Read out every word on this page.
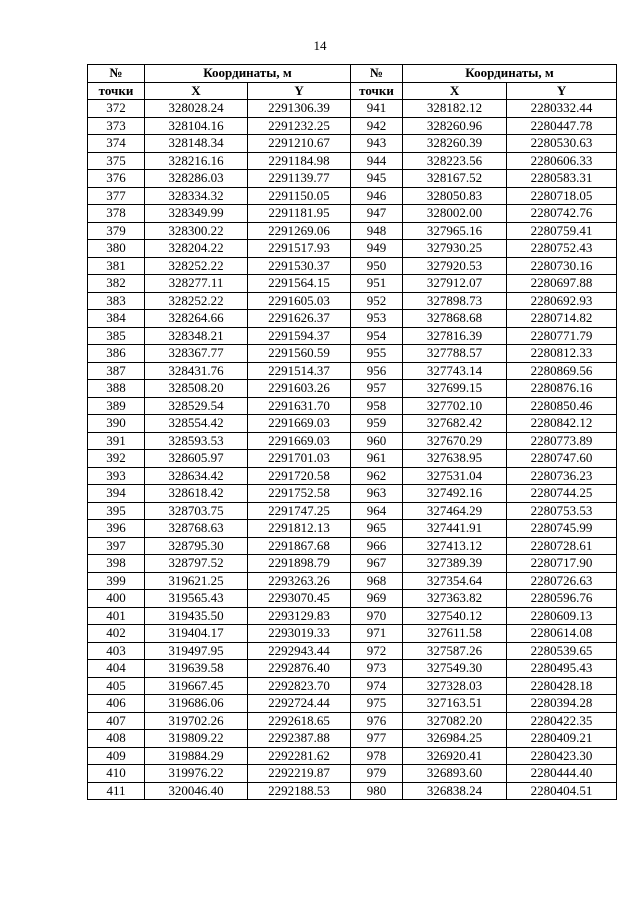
14
№	Координаты, м		№	Координаты, м	
точки	X	Y	точки	X	Y
372	328028.24	2291306.39	941	328182.12	2280332.44
373	328104.16	2291232.25	942	328260.96	2280447.78
374	328148.34	2291210.67	943	328260.39	2280530.63
375	328216.16	2291184.98	944	328223.56	2280606.33
376	328286.03	2291139.77	945	328167.52	2280583.31
377	328334.32	2291150.05	946	328050.83	2280718.05
378	328349.99	2291181.95	947	328002.00	2280742.76
379	328300.22	2291269.06	948	327965.16	2280759.41
380	328204.22	2291517.93	949	327930.25	2280752.43
381	328252.22	2291530.37	950	327920.53	2280730.16
382	328277.11	2291564.15	951	327912.07	2280697.88
383	328252.22	2291605.03	952	327898.73	2280692.93
384	328264.66	2291626.37	953	327868.68	2280714.82
385	328348.21	2291594.37	954	327816.39	2280771.79
386	328367.77	2291560.59	955	327788.57	2280812.33
387	328431.76	2291514.37	956	327743.14	2280869.56
388	328508.20	2291603.26	957	327699.15	2280876.16
389	328529.54	2291631.70	958	327702.10	2280850.46
390	328554.42	2291669.03	959	327682.42	2280842.12
391	328593.53	2291669.03	960	327670.29	2280773.89
392	328605.97	2291701.03	961	327638.95	2280747.60
393	328634.42	2291720.58	962	327531.04	2280736.23
394	328618.42	2291752.58	963	327492.16	2280744.25
395	328703.75	2291747.25	964	327464.29	2280753.53
396	328768.63	2291812.13	965	327441.91	2280745.99
397	328795.30	2291867.68	966	327413.12	2280728.61
398	328797.52	2291898.79	967	327389.39	2280717.90
399	319621.25	2293263.26	968	327354.64	2280726.63
400	319565.43	2293070.45	969	327363.82	2280596.76
401	319435.50	2293129.83	970	327540.12	2280609.13
402	319404.17	2293019.33	971	327611.58	2280614.08
403	319497.95	2292943.44	972	327587.26	2280539.65
404	319639.58	2292876.40	973	327549.30	2280495.43
405	319667.45	2292823.70	974	327328.03	2280428.18
406	319686.06	2292724.44	975	327163.51	2280394.28
407	319702.26	2292618.65	976	327082.20	2280422.35
408	319809.22	2292387.88	977	326984.25	2280409.21
409	319884.29	2292281.62	978	326920.41	2280423.30
410	319976.22	2292219.87	979	326893.60	2280444.40
411	320046.40	2292188.53	980	326838.24	2280404.51
